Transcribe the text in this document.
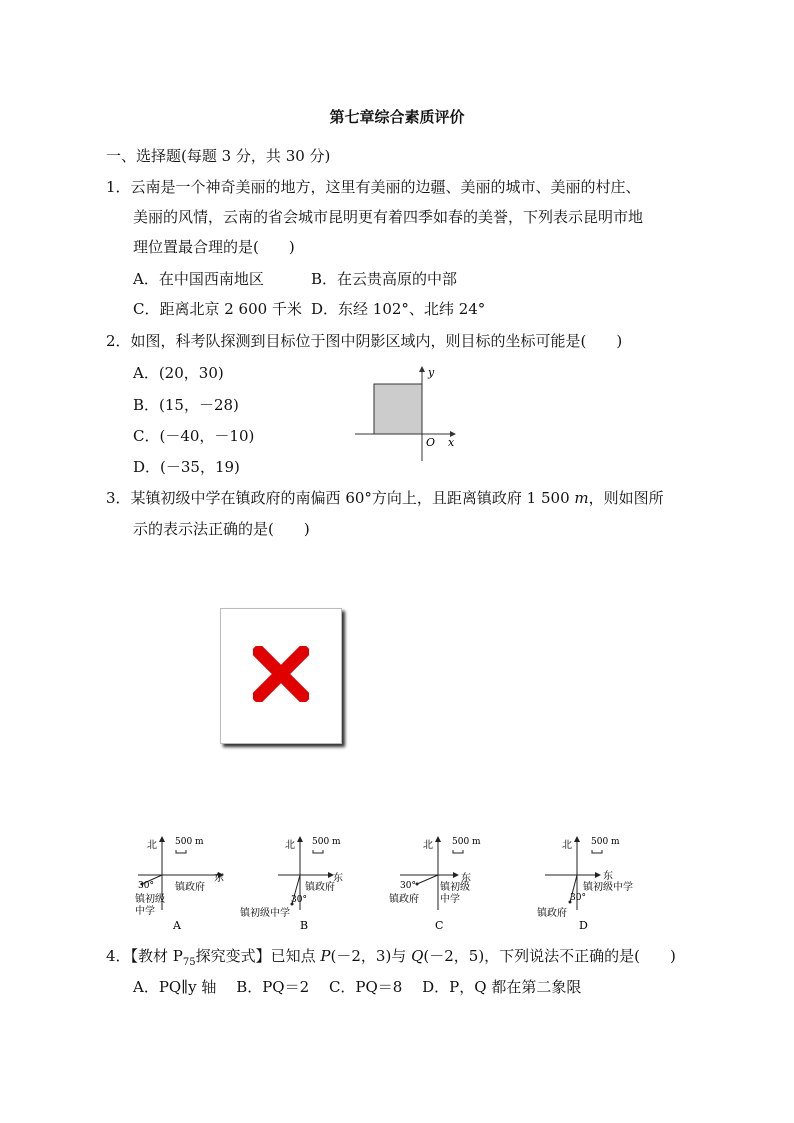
第七章综合素质评价
一、选择题(每题 3 分，共 30 分)
1．云南是一个神奇美丽的地方，这里有美丽的边疆、美丽的城市、美丽的村庄、
美丽的风情，云南的省会城市昆明更有着四季如春的美誉，下列表示昆明市地
理位置最合理的是(　　)
A．在中国西南地区	B．在云贵高原的中部
C．距离北京 2 600 千米 D．东经 102°、北纬 24°
2．如图，科考队探测到目标位于图中阴影区域内，则目标的坐标可能是(　　)
A．(20，30)
B．(15，－28)
C．(－40，－10)
D．(－35，19)
y
x
O
3．某镇初级中学在镇政府的南偏西 60°方向上，且距离镇政府 1 500 m，则如图所
示的表示法正确的是(　　)
北 500 m
东
30° 镇政府
镇初级
中学
A
北 500 m
东
镇政府
30°
镇初级中学
B
北 500 m
东
30° 镇初级
中学
镇政府
C
北 500 m
东
镇初级中学
30°
镇政府
D
4．【教材 $P_{75}$探究变式】已知点 P(－2，3)与 Q(－2，5)，下列说法不正确的是(　　)
A．PQ∥y 轴　 B．PQ＝2　 C．PQ＝8　 D．P，Q 都在第二象限
